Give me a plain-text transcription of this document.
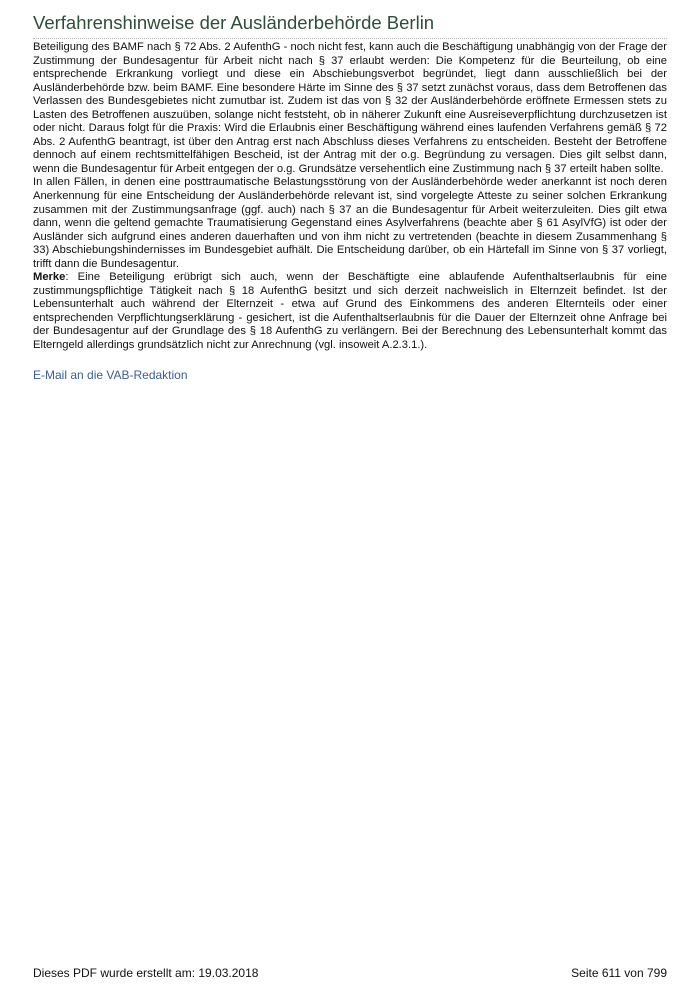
Verfahrenshinweise der Ausländerbehörde Berlin

Beteiligung des BAMF nach § 72 Abs. 2 AufenthG - noch nicht fest, kann auch die Beschäftigung unabhängig von der Frage der Zustimmung der Bundesagentur für Arbeit nicht nach § 37 erlaubt werden: Die Kompetenz für die Beurteilung, ob eine entsprechende Erkrankung vorliegt und diese ein Abschiebungsverbot begründet, liegt dann ausschließlich bei der Ausländerbehörde bzw. beim BAMF. Eine besondere Härte im Sinne des § 37 setzt zunächst voraus, dass dem Betroffenen das Verlassen des Bundesgebietes nicht zumutbar ist. Zudem ist das von § 32 der Ausländerbehörde eröffnete Ermessen stets zu Lasten des Betroffenen auszuüben, solange nicht feststeht, ob in näherer Zukunft eine Ausreiseverpflichtung durchzusetzen ist oder nicht. Daraus folgt für die Praxis: Wird die Erlaubnis einer Beschäftigung während eines laufenden Verfahrens gemäß § 72 Abs. 2 AufenthG beantragt, ist über den Antrag erst nach Abschluss dieses Verfahrens zu entscheiden. Besteht der Betroffene dennoch auf einem rechtsmittelfähigen Bescheid, ist der Antrag mit der o.g. Begründung zu versagen. Dies gilt selbst dann, wenn die Bundesagentur für Arbeit entgegen der o.g. Grundsätze versehentlich eine Zustimmung nach § 37 erteilt haben sollte.

In allen Fällen, in denen eine posttraumatische Belastungsstörung von der Ausländerbehörde weder anerkannt ist noch deren Anerkennung für eine Entscheidung der Ausländerbehörde relevant ist, sind vorgelegte Atteste zu seiner solchen Erkrankung zusammen mit der Zustimmungsanfrage (ggf. auch) nach § 37 an die Bundesagentur für Arbeit weiterzuleiten. Dies gilt etwa dann, wenn die geltend gemachte Traumatisierung Gegenstand eines Asylverfahrens (beachte aber § 61 AsylVfG) ist oder der Ausländer sich aufgrund eines anderen dauerhaften und von ihm nicht zu vertretenden (beachte in diesem Zusammenhang § 33) Abschiebungshindernisses im Bundesgebiet aufhält. Die Entscheidung darüber, ob ein Härtefall im Sinne von § 37 vorliegt, trifft dann die Bundesagentur.

Merke: Eine Beteiligung erübrigt sich auch, wenn der Beschäftigte eine ablaufende Aufenthaltserlaubnis für eine zustimmungspflichtige Tätigkeit nach § 18 AufenthG besitzt und sich derzeit nachweislich in Elternzeit befindet. Ist der Lebensunterhalt auch während der Elternzeit - etwa auf Grund des Einkommens des anderen Elternteils oder einer entsprechenden Verpflichtungserklärung - gesichert, ist die Aufenthaltserlaubnis für die Dauer der Elternzeit ohne Anfrage bei der Bundesagentur auf der Grundlage des § 18 AufenthG zu verlängern. Bei der Berechnung des Lebensunterhalt kommt das Elterngeld allerdings grundsätzlich nicht zur Anrechnung (vgl. insoweit A.2.3.1.).

E-Mail an die VAB-Redaktion
Dieses PDF wurde erstellt am: 19.03.2018	Seite 611 von 799
